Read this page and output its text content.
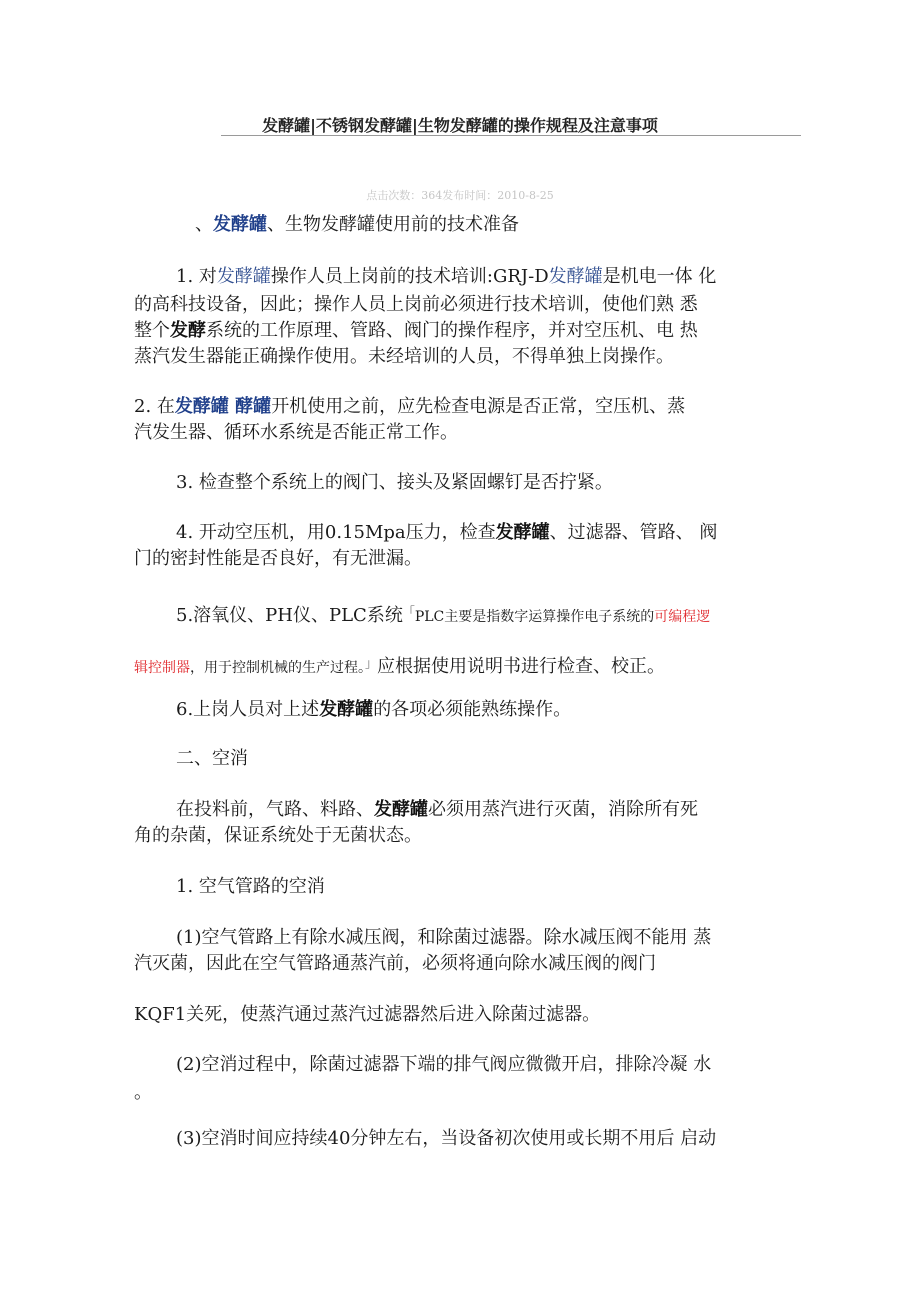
发酵罐|不锈钢发酵罐|生物发酵罐的操作规程及注意事项
点击次数：364发布时间：2010-8-25
、发酵罐、生物发酵罐使用前的技术准备
1. 对发酵罐操作人员上岗前的技术培训:GRJ-D发酵罐是机电一体 化
的高科技设备，因此；操作人员上岗前必须进行技术培训，使他们熟 悉
整个发酵系统的工作原理、管路、阀门的操作程序，并对空压机、电 热
蒸汽发生器能正确操作使用。未经培训的人员，不得单独上岗操作。
2. 在发酵罐 酵罐开机使用之前，应先检查电源是否正常，空压机、蒸
汽发生器、循环水系统是否能正常工作。
3. 检查整个系统上的阀门、接头及紧固螺钉是否拧紧。
4. 开动空压机，用0.15Mpa压力，检查发酵罐、过滤器、管路、 阀
门的密封性能是否良好，有无泄漏。
5.溶氧仪、PH仪、PLC系统「PLC主要是指数字运算操作电子系统的可编程逻
辑控制器，用于控制机械的生产过程。」应根据使用说明书进行检查、校正。
6.上岗人员对上述发酵罐的各项必须能熟练操作。
二、空消
在投料前，气路、料路、发酵罐必须用蒸汽进行灭菌，消除所有死
角的杂菌，保证系统处于无菌状态。
1. 空气管路的空消
(1)空气管路上有除水减压阀，和除菌过滤器。除水减压阀不能用 蒸
汽灭菌，因此在空气管路通蒸汽前，必须将通向除水减压阀的阀门
KQF1关死，使蒸汽通过蒸汽过滤器然后进入除菌过滤器。
(2)空消过程中，除菌过滤器下端的排气阀应微微开启，排除冷凝 水
。
(3)空消时间应持续40分钟左右，当设备初次使用或长期不用后 启动
